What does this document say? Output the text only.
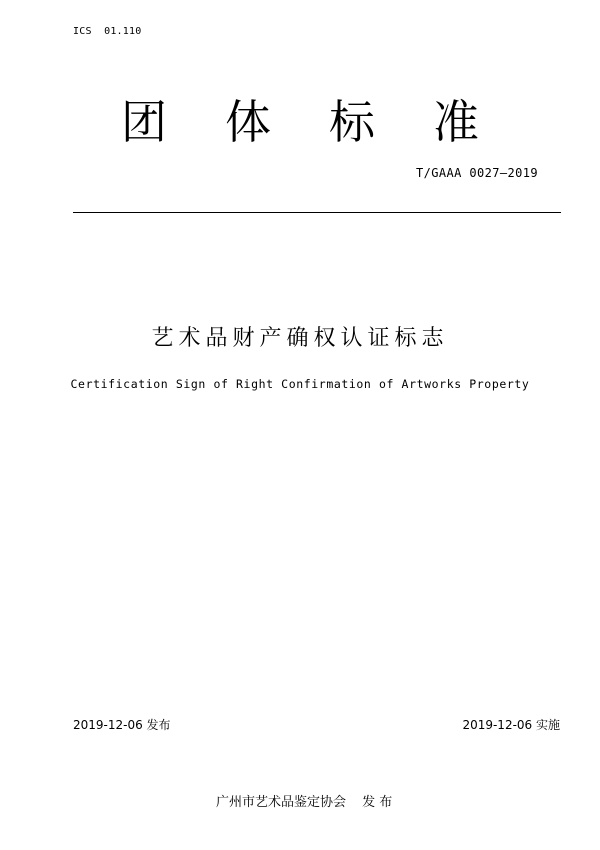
ICS  01.110
团 体 标 准
T/GAAA 0027—2019
艺术品财产确权认证标志
Certification Sign of Right Confirmation of Artworks Property
2019-12-06 发布	2019-12-06 实施

广州市艺术品鉴定协会 发 布
